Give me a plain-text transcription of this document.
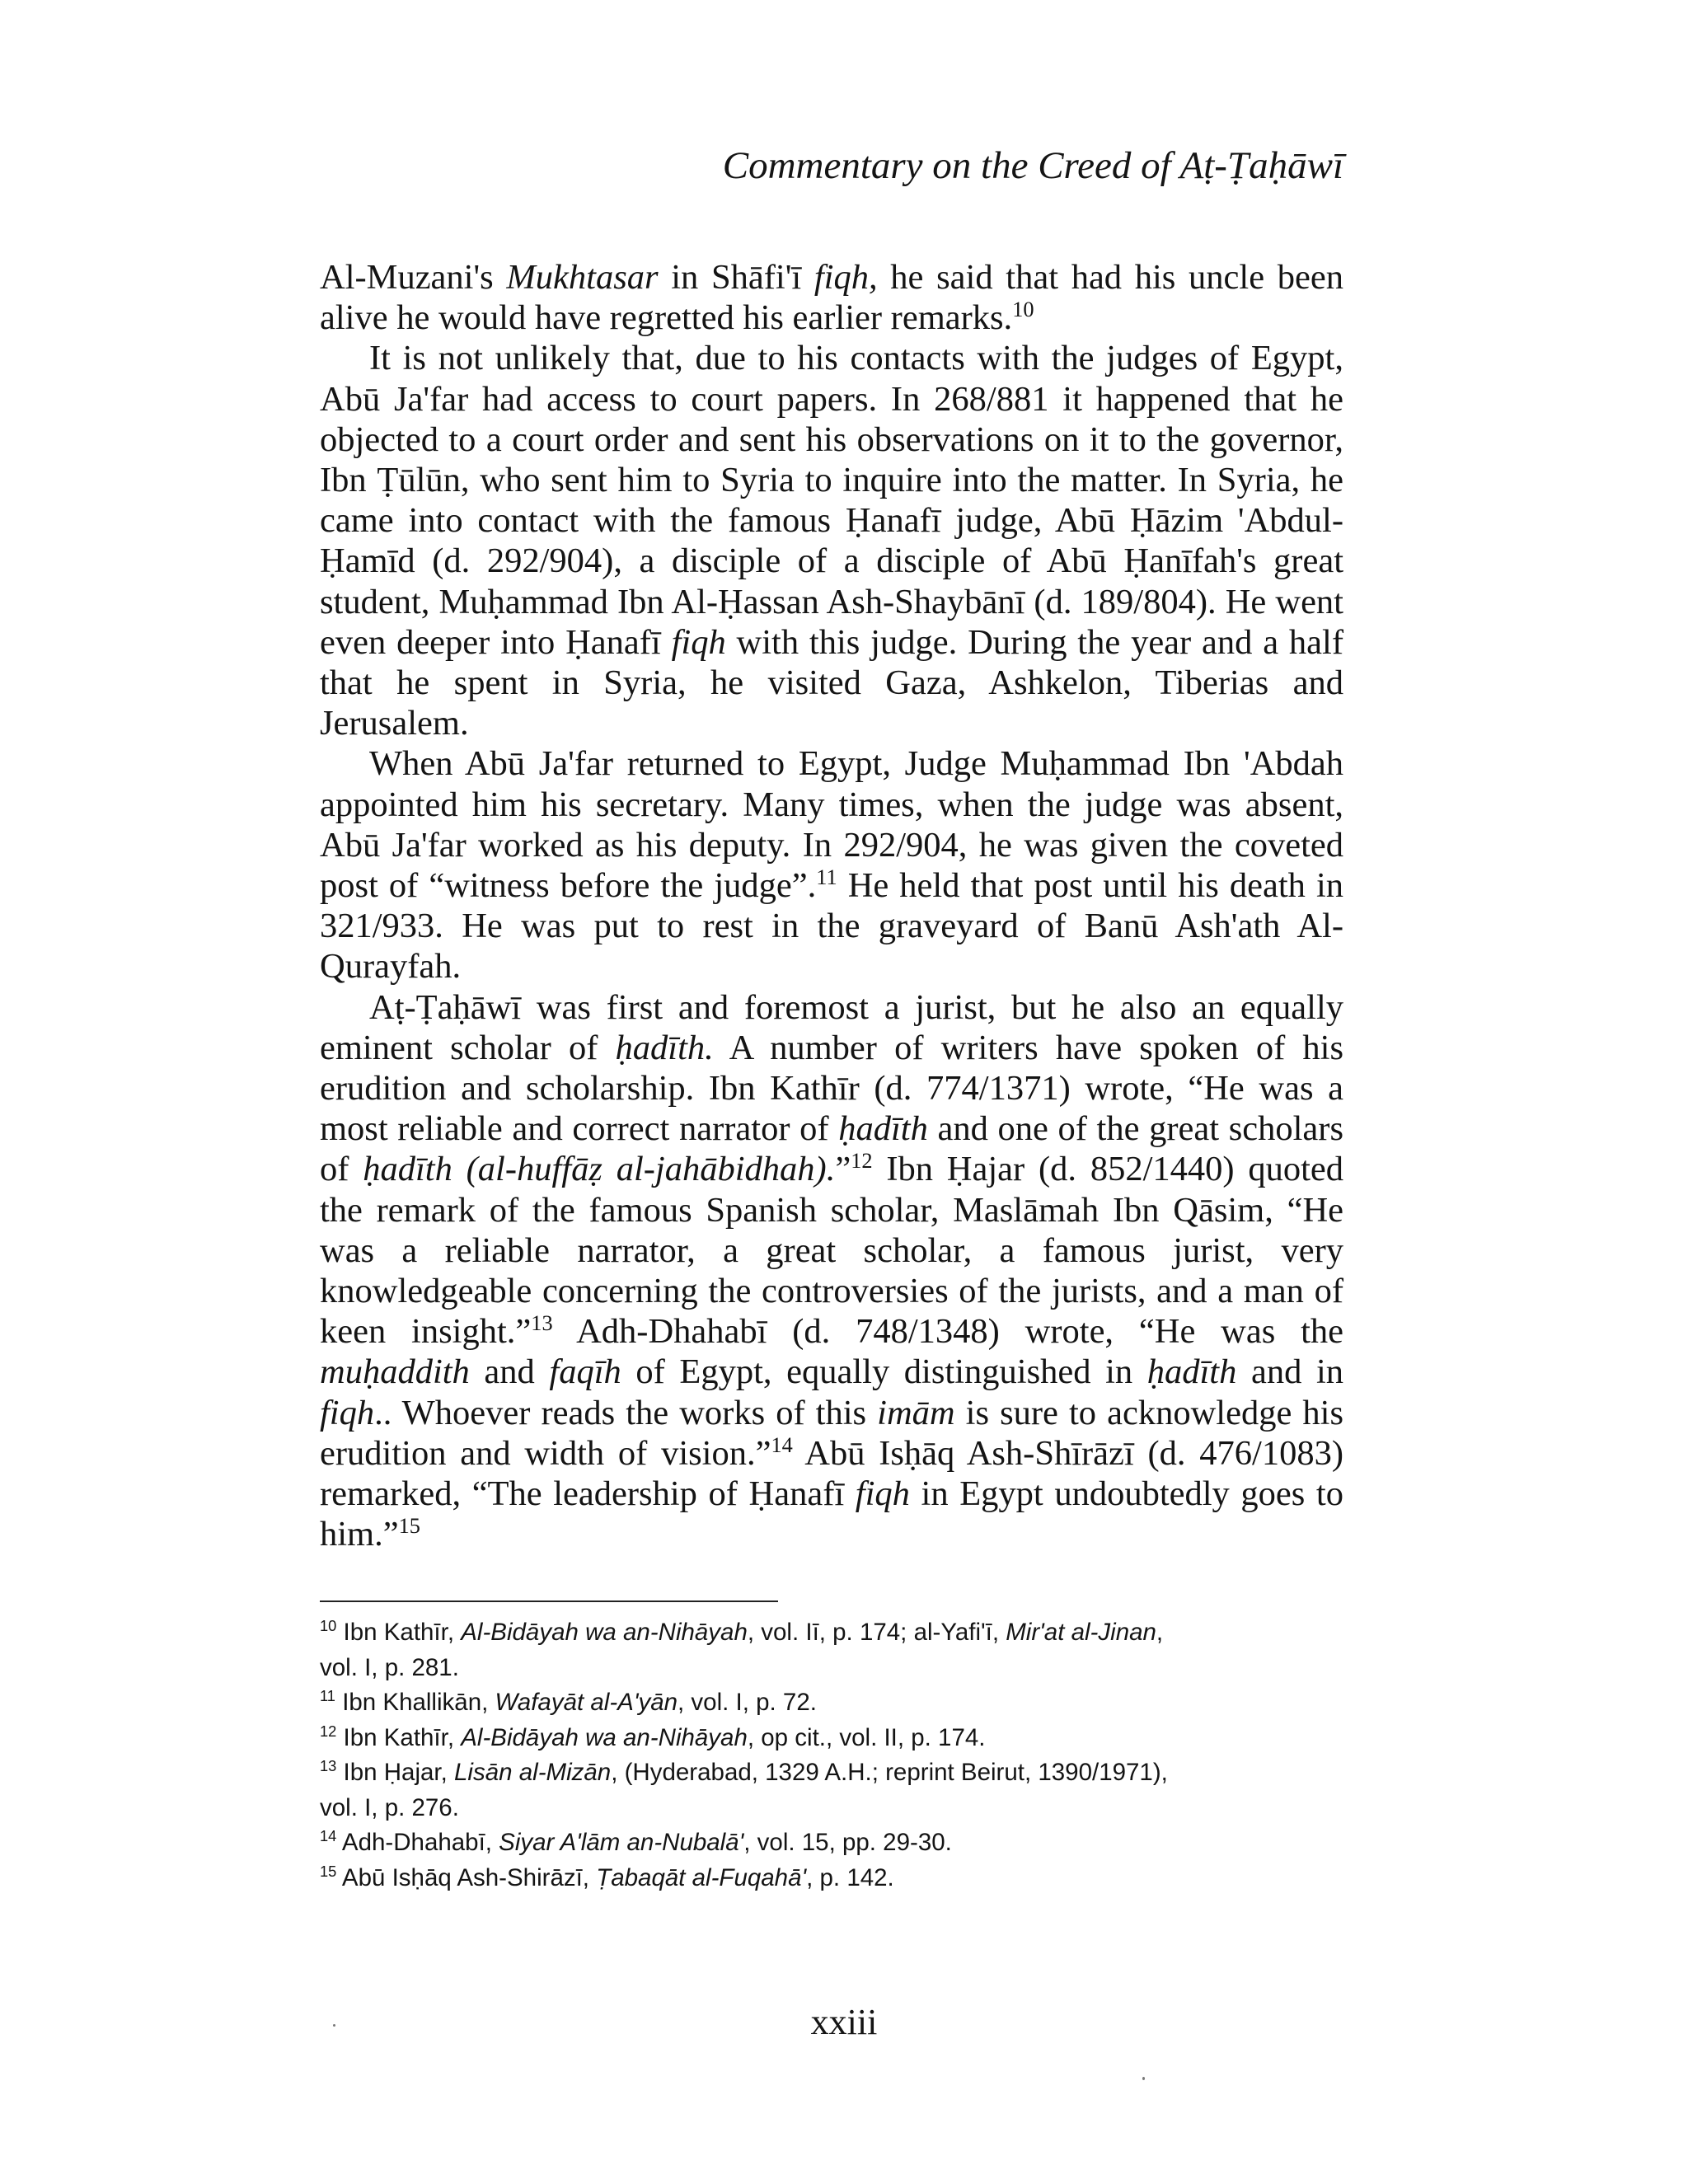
Commentary on the Creed of Aṭ-Ṭaḥāwī

Al-Muzani's Mukhtasar in Shāfi'ī fiqh, he said that had his uncle been alive he would have regretted his earlier remarks.$^{10}$

It is not unlikely that, due to his contacts with the judges of Egypt, Abū Ja'far had access to court papers. In 268/881 it happened that he objected to a court order and sent his observations on it to the governor, Ibn Ṭūlūn, who sent him to Syria to inquire into the matter. In Syria, he came into contact with the famous Ḥanafī judge, Abū Ḥāzim 'Abdul-Ḥamīd (d. 292/904), a disciple of a disciple of Abū Ḥanīfah's great student, Muḥammad Ibn Al-Ḥassan Ash-Shaybānī (d. 189/804). He went even deeper into Ḥanafī fiqh with this judge. During the year and a half that he spent in Syria, he visited Gaza, Ashkelon, Tiberias and Jerusalem.

When Abū Ja'far returned to Egypt, Judge Muḥammad Ibn 'Abdah appointed him his secretary. Many times, when the judge was absent, Abū Ja'far worked as his deputy. In 292/904, he was given the coveted post of “witness before the judge”.$^{11}$ He held that post until his death in 321/933. He was put to rest in the graveyard of Banū Ash'ath Al-Qurayfah.

Aṭ-Ṭaḥāwī was first and foremost a jurist, but he also an equally eminent scholar of ḥadīth. A number of writers have spoken of his erudition and scholarship. Ibn Kathīr (d. 774/1371) wrote, “He was a most reliable and correct narrator of ḥadīth and one of the great scholars of ḥadīth (al-huffāẓ al-jahābidhah).”$^{12}$ Ibn Ḥajar (d. 852/1440) quoted the remark of the famous Spanish scholar, Maslāmah Ibn Qāsim, “He was a reliable narrator, a great scholar, a famous jurist, very knowledgeable concerning the controversies of the jurists, and a man of keen insight.”$^{13}$ Adh-Dhahabī (d. 748/1348) wrote, “He was the muḥaddith and faqīh of Egypt, equally distinguished in ḥadīth and in fiqh.. Whoever reads the works of this imām is sure to acknowledge his erudition and width of vision.”$^{14}$ Abū Isḥāq Ash-Shīrāzī (d. 476/1083) remarked, “The leadership of Ḥanafī fiqh in Egypt undoubtedly goes to him.”$^{15}$

$^{10}$ Ibn Kathīr, Al-Bidāyah wa an-Nihāyah, vol. Iī, p. 174; al-Yafi'ī, Mir'at al-Jinan,
vol. I, p. 281.
$^{11}$ Ibn Khallikān, Wafayāt al-A'yān, vol. I, p. 72.
$^{12}$ Ibn Kathīr, Al-Bidāyah wa an-Nihāyah, op cit., vol. II, p. 174.
$^{13}$ Ibn Ḥajar, Lisān al-Mizān, (Hyderabad, 1329 A.H.; reprint Beirut, 1390/1971),
vol. I, p. 276.
$^{14}$ Adh-Dhahabī, Siyar A'lām an-Nubalā', vol. 15, pp. 29-30.
$^{15}$ Abū Isḥāq Ash-Shirāzī, Ṭabaqāt al-Fuqahā', p. 142.
xxiii
